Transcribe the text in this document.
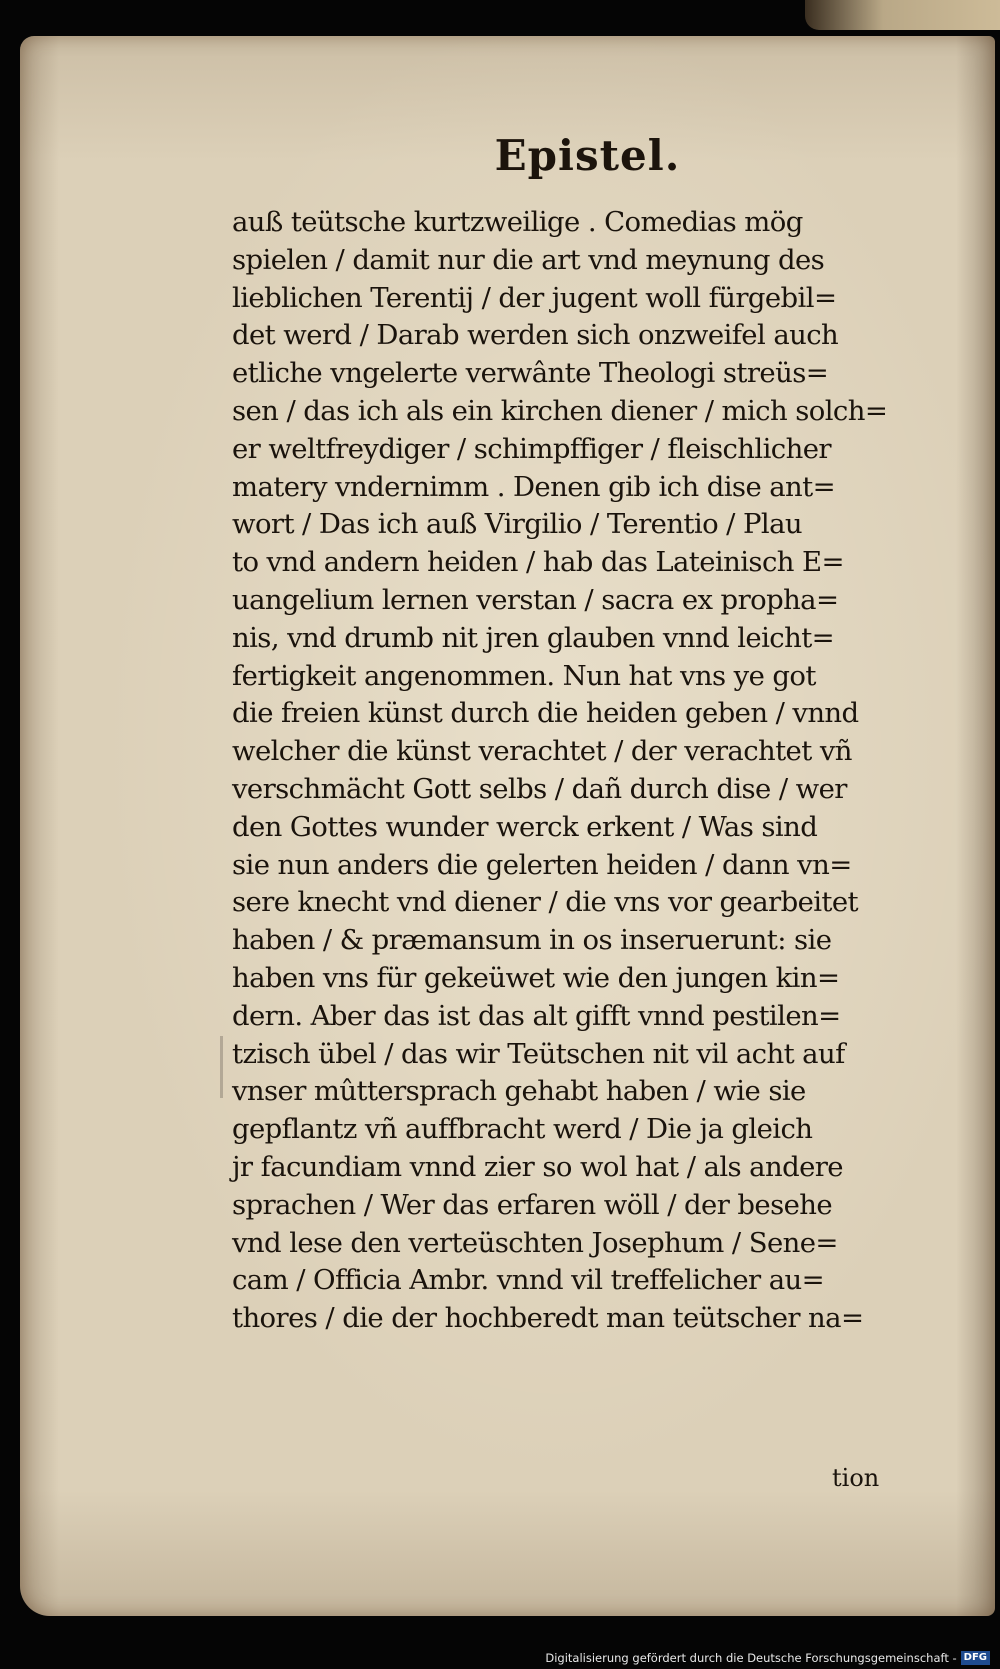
Epistel.
auß teütsche kurtzweilige . Comedias mög
spielen / damit nur die art vnd meynung des
lieblichen Terentij / der jugent woll fürgebil=
det werd / Darab werden sich onzweifel auch
etliche vngelerte verwânte Theologi streüs=
sen / das ich als ein kirchen diener / mich solch=
er weltfreydiger / schimpffiger / fleischlicher
matery vndernimm . Denen gib ich dise ant=
wort / Das ich auß Virgilio / Terentio / Plau
to vnd andern heiden / hab das Lateinisch E=
uangelium lernen verstan / sacra ex propha=
nis, vnd drumb nit jren glauben vnnd leicht=
fertigkeit angenommen. Nun hat vns ye got
die freien künst durch die heiden geben / vnnd
welcher die künst verachtet / der verachtet vñ
verschmächt Gott selbs / dañ durch dise / wer
den Gottes wunder werck erkent / Was sind
sie nun anders die gelerten heiden / dann vn=
sere knecht vnd diener / die vns vor gearbeitet
haben / & præmansum in os inseruerunt: sie
haben vns für gekeüwet wie den jungen kin=
dern. Aber das ist das alt gifft vnnd pestilen=
tzisch übel / das wir Teütschen nit vil acht auf
vnser mûttersprach gehabt haben / wie sie
gepflantz vñ auffbracht werd / Die ja gleich
jr facundiam vnnd zier so wol hat / als andere
sprachen / Wer das erfaren wöll / der besehe
vnd lese den verteüschten Josephum / Sene=
cam / Officia Ambr. vnnd vil treffelicher au=
thores / die der hochberedt man teütscher na=
tion
Digitalisierung gefördert durch die Deutsche Forschungsgemeinschaft - DFG
